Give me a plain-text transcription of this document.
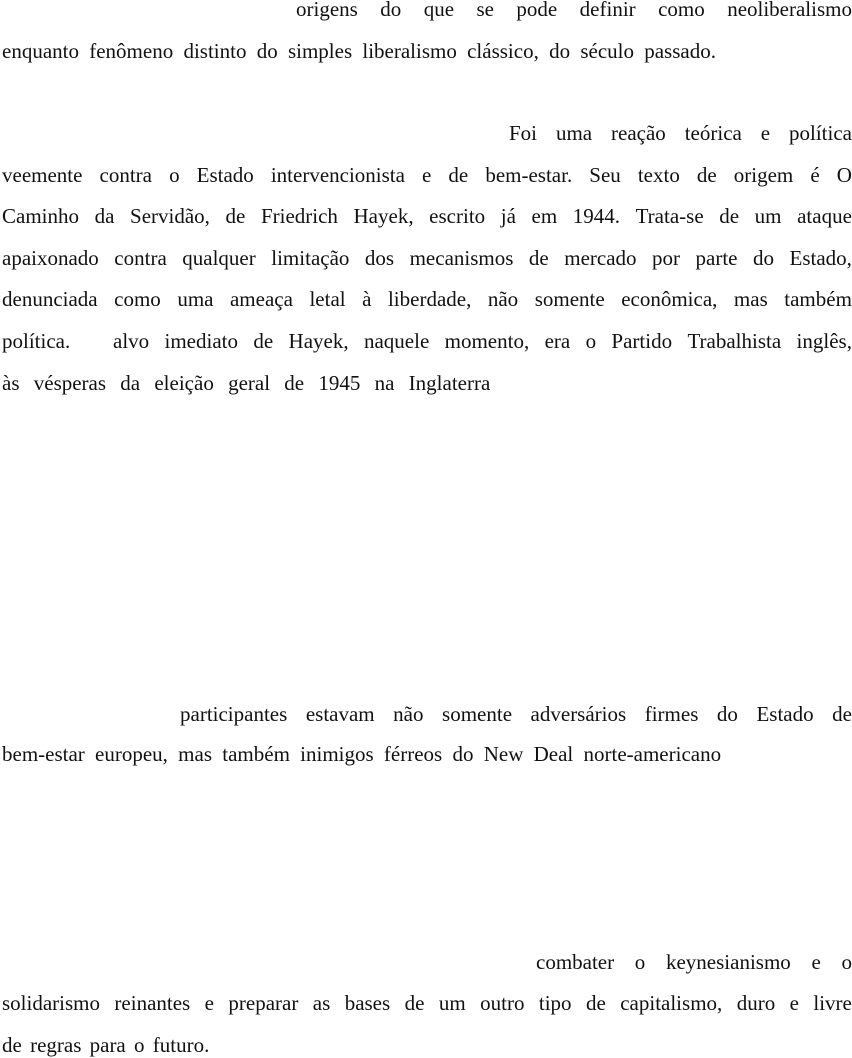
origens do que se pode definir como neoliberalismo
enquanto fenômeno distinto do simples liberalismo clássico, do século passado.
Foi uma reação teórica e política
veemente contra o Estado intervencionista e de bem-estar. Seu texto de origem é O
Caminho da Servidão, de Friedrich Hayek, escrito já em 1944. Trata-se de um ataque
apaixonado contra qualquer limitação dos mecanismos de mercado por parte do Estado,
denunciada como uma ameaça letal à liberdade, não somente econômica, mas também
política. alvo imediato de Hayek, naquele momento, era o Partido Trabalhista inglês,
às vésperas da eleição geral de 1945 na Inglaterra
participantes estavam não somente adversários firmes do Estado de
bem-estar europeu, mas também inimigos férreos do New Deal norte-americano
combater o keynesianismo e o
solidarismo reinantes e preparar as bases de um outro tipo de capitalismo, duro e livre
de regras para o futuro.
